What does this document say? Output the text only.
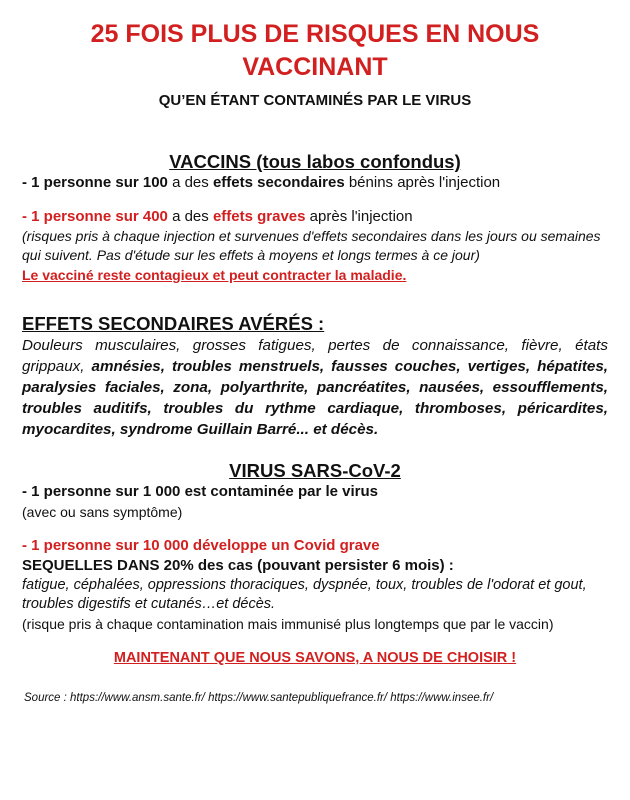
25 FOIS PLUS DE RISQUES EN NOUS
VACCINANT
QU’EN ÉTANT CONTAMINÉS PAR LE VIRUS
VACCINS (tous labos confondus)
- 1 personne sur 100 a des effets secondaires bénins après l'injection
- 1 personne sur 400 a des effets graves après l'injection
(risques pris à chaque injection et survenues d'effets secondaires dans les jours ou semaines qui suivent. Pas d'étude sur les effets à moyens et longs termes à ce jour)
Le vacciné reste contagieux et peut contracter la maladie.
EFFETS SECONDAIRES AVÉRÉS :
Douleurs musculaires, grosses fatigues, pertes de connaissance, fièvre, états grippaux, amnésies, troubles menstruels, fausses couches, vertiges, hépatites, paralysies faciales, zona, polyarthrite, pancréatites, nausées, essoufflements, troubles auditifs, troubles du rythme cardiaque, thromboses, péricardites, myocardites, syndrome Guillain Barré... et décès.
VIRUS SARS-CoV-2
- 1 personne sur 1 000 est contaminée par le virus
(avec ou sans symptôme)
- 1 personne sur 10 000 développe un Covid grave
SEQUELLES DANS 20% des cas (pouvant persister 6 mois) :
fatigue, céphalées, oppressions thoraciques, dyspnée, toux, troubles de l'odorat et gout, troubles digestifs et cutanés…et décès.
(risque pris à chaque contamination mais immunisé plus longtemps que par le vaccin)
MAINTENANT QUE NOUS SAVONS, A NOUS DE CHOISIR !
Source : https://www.ansm.sante.fr/ https://www.santepubliquefrance.fr/ https://www.insee.fr/
